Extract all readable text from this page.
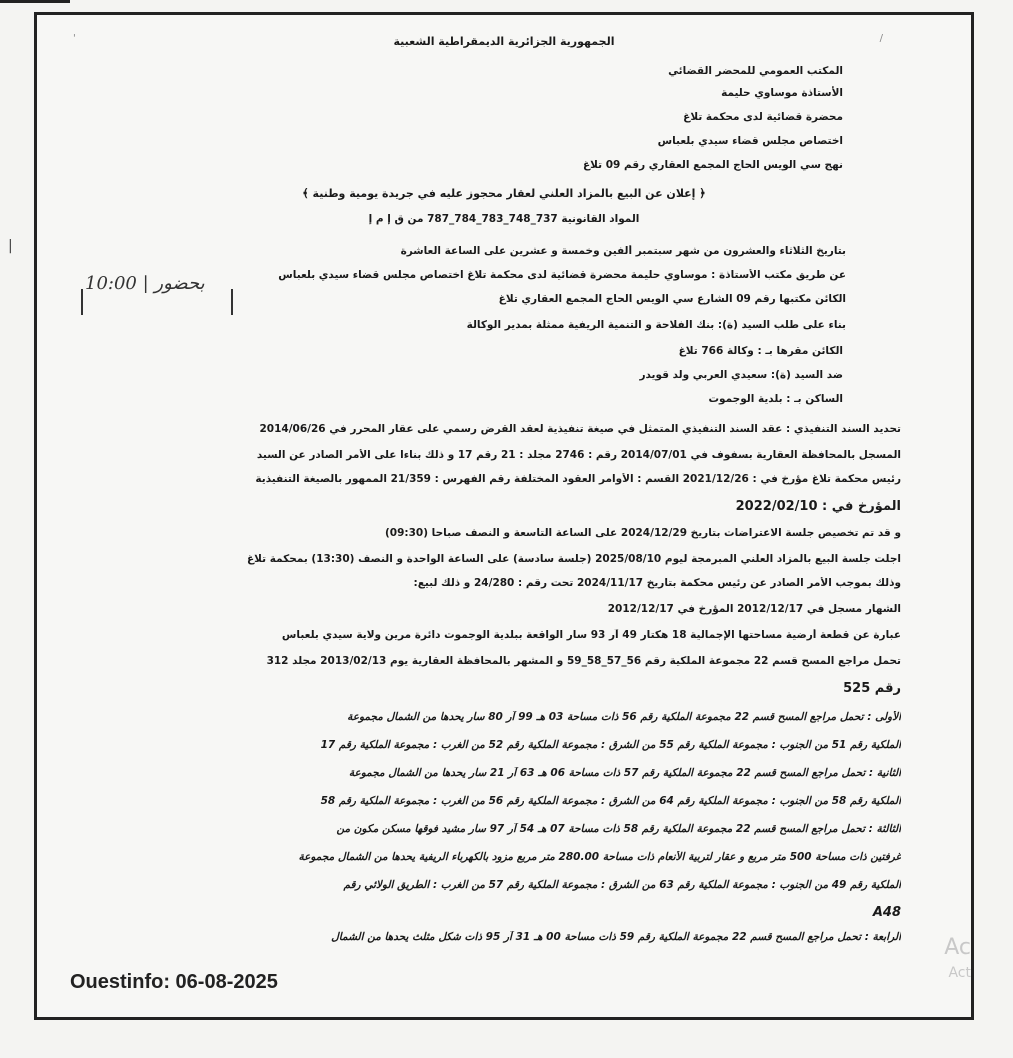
|
الجمهورية الجزائرية الديمقراطية الشعبية
'	/
المكتب العمومي للمحضر القضائي
الأستاذة موساوي حليمة
محضرة قضائية لدى محكمة تلاغ
اختصاص مجلس قضاء سيدي بلعباس
نهج سي الويس الحاج المجمع العقاري رقم 09 تلاغ
﴿ إعلان عن البيع بالمزاد العلني لعقار محجوز عليه في جريدة يومية وطنية ﴾
المواد القانونية 737_748_783_784_787 من ق إ م إ
بحضور | 10:00
بتاريخ الثلاثاء والعشرون من شهر سبتمبر ألفين وخمسة و عشرين على الساعة العاشرة
عن طريق مكتب الأستاذة : موساوي حليمة محضرة قضائية لدى محكمة تلاغ اختصاص مجلس قضاء سيدي بلعباس
الكائن مكتبها رقم 09 الشارع سي الويس الحاج المجمع العقاري تلاغ
بناء على طلب السيد (ة): بنك الفلاحة و التنمية الريفية ممثلة بمدير الوكالة
الكائن مقرها بـ : وكالة 766 تلاغ
ضد السيد (ة): سعيدي العربي ولد قويدر
الساكن بـ : بلدية الوجموت
تحديد السند التنفيذي : عقد السند التنفيذي المتمثل في صيغة تنفيذية لعقد القرض رسمي على عقار المحرر في 2014/06/26
المسجل بالمحافظة العقارية بسفوف في 2014/07/01 رقم : 2746 مجلد : 21 رقم 17 و ذلك بناءا على الأمر الصادر عن السيد
رئيس محكمة تلاغ مؤرخ في : 2021/12/26 القسم : الأوامر العقود المختلفة رقم الفهرس : 21/359 الممهور بالصيغة التنفيذية
المؤرخ في : 2022/02/10
و قد تم تخصيص جلسة الاعتراضات بتاريخ 2024/12/29 على الساعة التاسعة و النصف صباحا (09:30)
اجلت جلسة البيع بالمزاد العلني المبرمجة ليوم 2025/08/10 (جلسة سادسة) على الساعة الواحدة و النصف (13:30) بمحكمة تلاغ
وذلك بموجب الأمر الصادر عن رئيس محكمة بتاريخ 2024/11/17 تحت رقم : 24/280 و ذلك لبيع:
الشهار مسجل في 2012/12/17 المؤرخ في 2012/12/17
عبارة عن قطعة أرضية مساحتها الإجمالية 18 هكتار 49 آر 93 سار الواقعة ببلدية الوجموت دائرة مرين ولاية سيدي بلعباس
تحمل مراجع المسح قسم 22 مجموعة الملكية رقم 56_57_58_59 و المشهر بالمحافظة العقارية يوم 2013/02/13 مجلد 312
رقم 525
الأولى : تحمل مراجع المسح قسم 22 مجموعة الملكية رقم 56 ذات مساحة 03 هـ 99 آر 80 سار يحدها من الشمال مجموعة
الملكية رقم 51 من الجنوب : مجموعة الملكية رقم 55 من الشرق : مجموعة الملكية رقم 52 من الغرب : مجموعة الملكية رقم 17
الثانية : تحمل مراجع المسح قسم 22 مجموعة الملكية رقم 57 ذات مساحة 06 هـ 63 آر 21 سار يحدها من الشمال مجموعة
الملكية رقم 58 من الجنوب : مجموعة الملكية رقم 64 من الشرق : مجموعة الملكية رقم 56 من الغرب : مجموعة الملكية رقم 58
الثالثة : تحمل مراجع المسح قسم 22 مجموعة الملكية رقم 58 ذات مساحة 07 هـ 54 آر 97 سار مشيد فوقها مسكن مكون من
غرفتين ذات مساحة 500 متر مربع و عقار لتربية الأنعام ذات مساحة 280.00 متر مربع مزود بالكهرباء الريفية يحدها من الشمال مجموعة
الملكية رقم 49 من الجنوب : مجموعة الملكية رقم 63 من الشرق : مجموعة الملكية رقم 57 من الغرب : الطريق الولائي رقم
A48
الرابعة : تحمل مراجع المسح قسم 22 مجموعة الملكية رقم 59 ذات مساحة 00 هـ 31 آر 95 ذات شكل مثلث يحدها من الشمال Ac
Act
Ouestinfo: 06-08-2025
